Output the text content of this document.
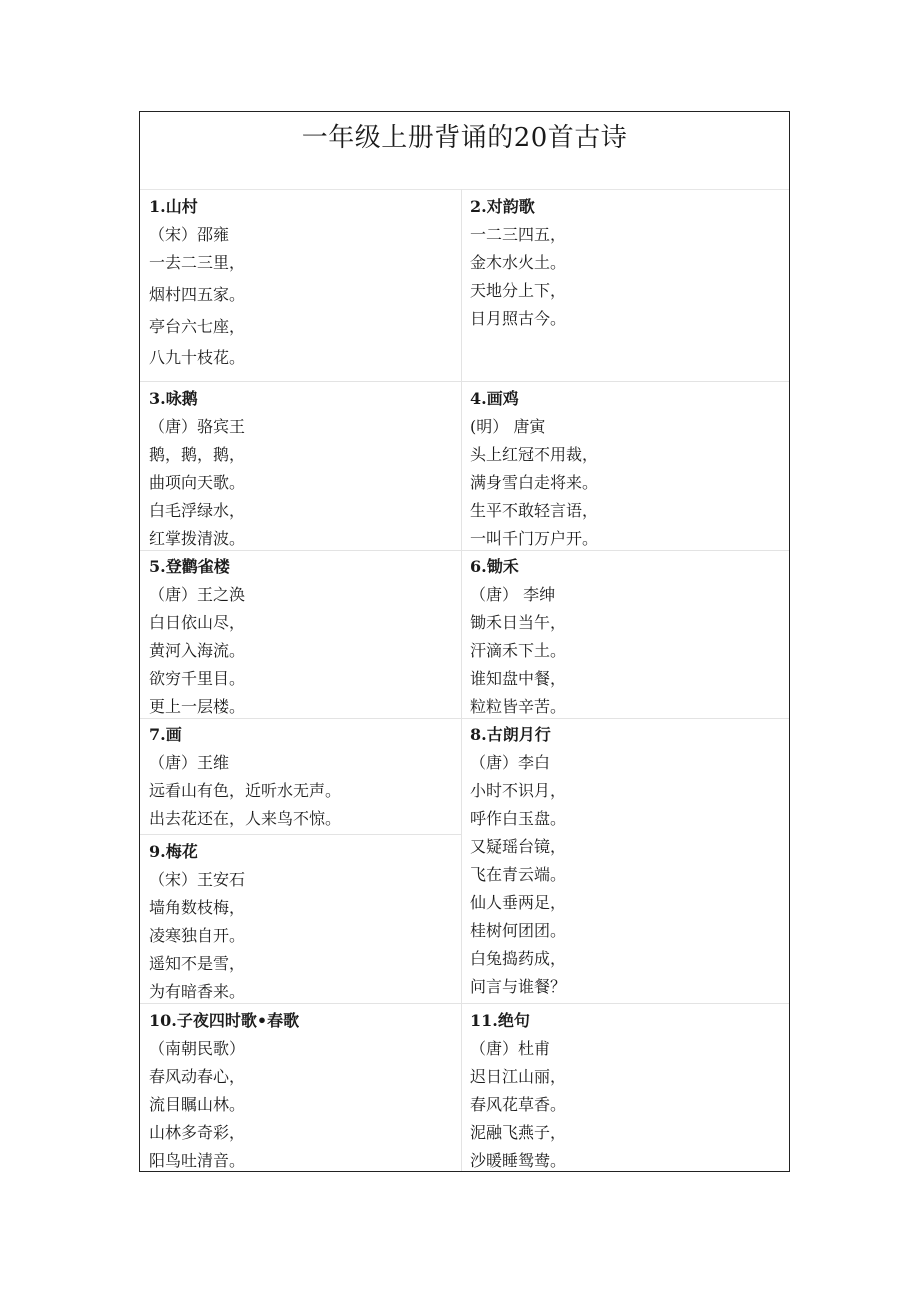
一年级上册背诵的20首古诗
1.山村
（宋）邵雍
一去二三里，
烟村四五家。
亭台六七座，
八九十枝花。
2.对韵歌
一二三四五，
金木水火土。
天地分上下，
日月照古今。
3.咏鹅
（唐）骆宾王
鹅，鹅，鹅，
曲项向天歌。
白毛浮绿水，
红掌拨清波。
4.画鸡
(明） 唐寅
头上红冠不用裁，
满身雪白走将来。
生平不敢轻言语，
一叫千门万户开。
5.登鹳雀楼
（唐）王之涣
白日依山尽，
黄河入海流。
欲穷千里目。
更上一层楼。
6.锄禾
（唐） 李绅
锄禾日当午，
汗滴禾下土。
谁知盘中餐，
粒粒皆辛苦。
7.画
（唐）王维
远看山有色，近听水无声。
出去花还在，人来鸟不惊。
8.古朗月行
（唐）李白
小时不识月，
呼作白玉盘。
又疑瑶台镜，
飞在青云端。
仙人垂两足，
桂树何团团。
白兔捣药成，
问言与谁餐？
9.梅花
（宋）王安石
墙角数枝梅，
凌寒独自开。
遥知不是雪，
为有暗香来。
10.子夜四时歌•春歌
（南朝民歌）
春风动春心，
流目瞩山林。
山林多奇彩，
阳鸟吐清音。
11.绝句
（唐）杜甫
迟日江山丽，
春风花草香。
泥融飞燕子，
沙暖睡鸳鸯。
